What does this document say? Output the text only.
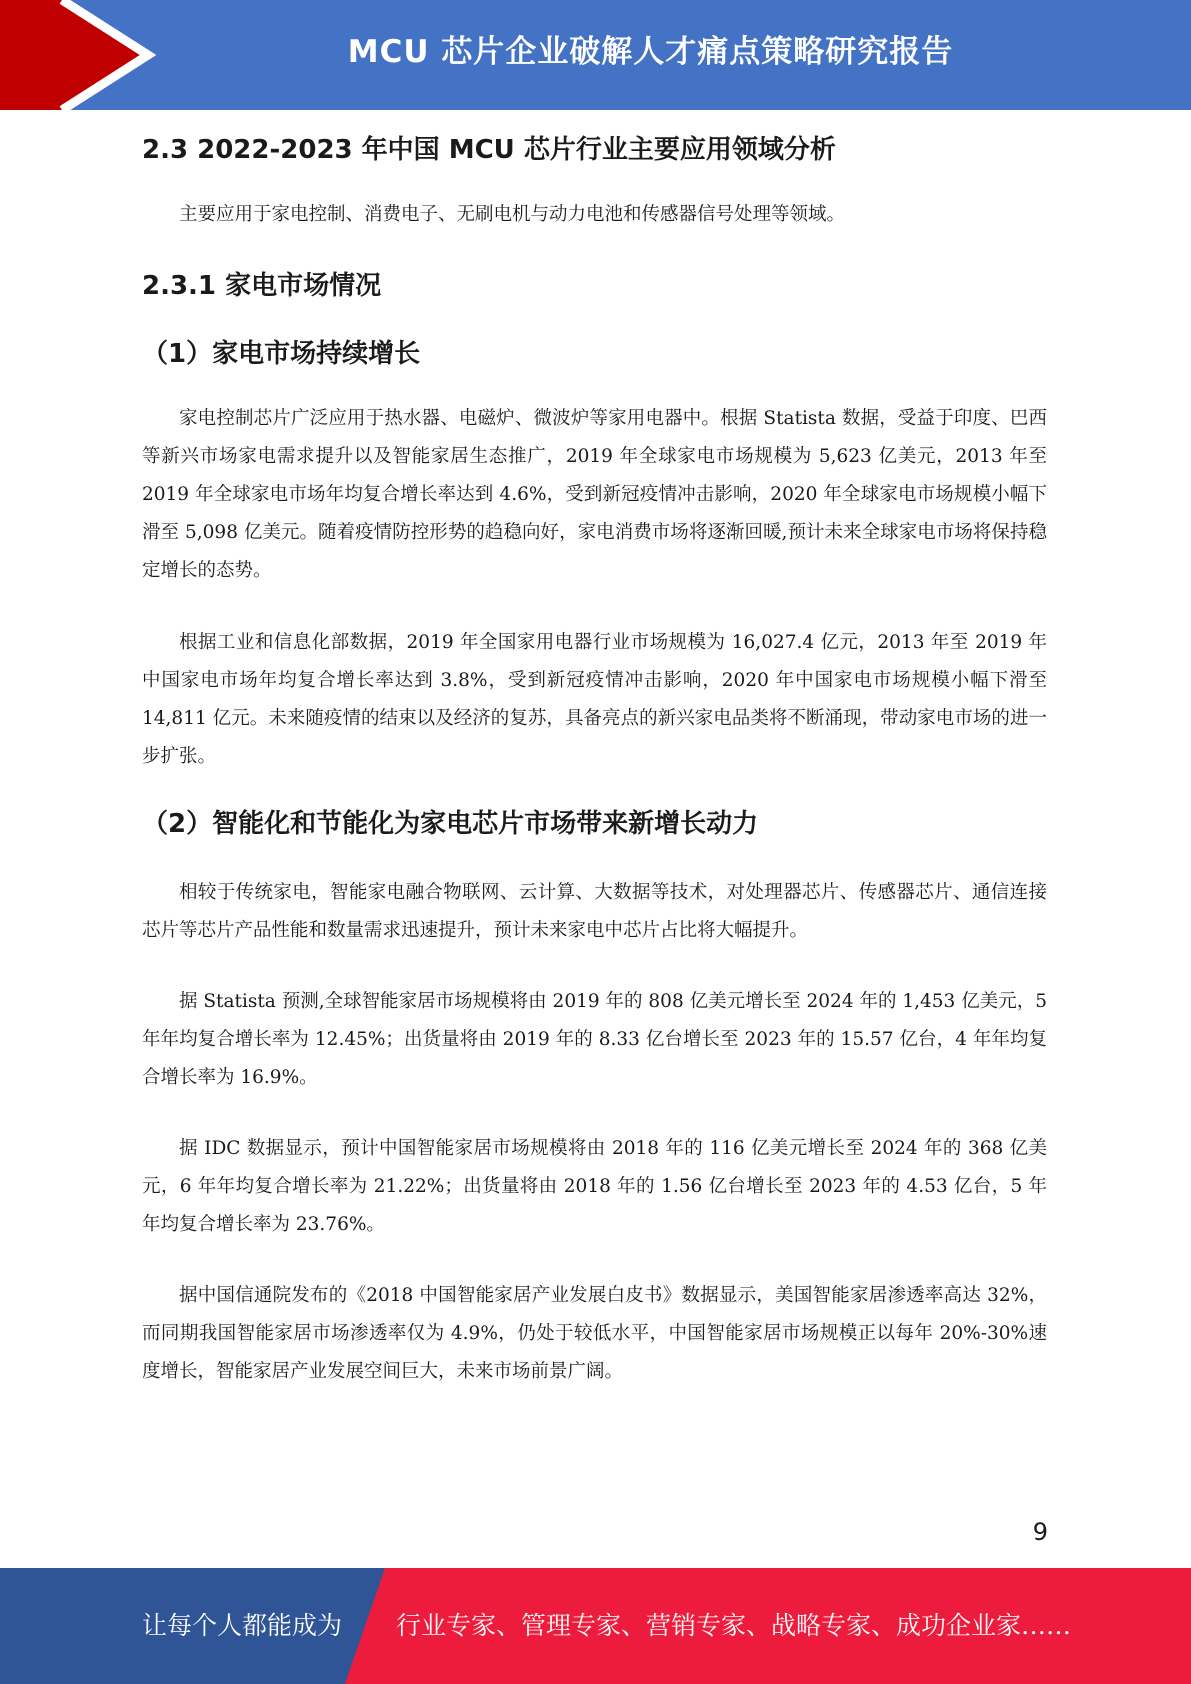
MCU 芯片企业破解人才痛点策略研究报告
2.3 2022-2023 年中国 MCU 芯片行业主要应用领域分析

主要应用于家电控制、消费电子、无刷电机与动力电池和传感器信号处理等领域。

2.3.1 家电市场情况
（1）家电市场持续增长

家电控制芯片广泛应用于热水器、电磁炉、微波炉等家用电器中。根据 Statista 数据，受益于印度、巴西等新兴市场家电需求提升以及智能家居生态推广，2019 年全球家电市场规模为 5,623 亿美元，2013 年至 2019 年全球家电市场年均复合增长率达到 4.6%，受到新冠疫情冲击影响，2020 年全球家电市场规模小幅下滑至 5,098 亿美元。随着疫情防控形势的趋稳向好，家电消费市场将逐渐回暖,预计未来全球家电市场将保持稳定增长的态势。

根据工业和信息化部数据，2019 年全国家用电器行业市场规模为 16,027.4 亿元，2013 年至 2019 年中国家电市场年均复合增长率达到 3.8%，受到新冠疫情冲击影响，2020 年中国家电市场规模小幅下滑至 14,811 亿元。未来随疫情的结束以及经济的复苏，具备亮点的新兴家电品类将不断涌现，带动家电市场的进一步扩张。

（2）智能化和节能化为家电芯片市场带来新增长动力

相较于传统家电，智能家电融合物联网、云计算、大数据等技术，对处理器芯片、传感器芯片、通信连接芯片等芯片产品性能和数量需求迅速提升，预计未来家电中芯片占比将大幅提升。

据 Statista 预测,全球智能家居市场规模将由 2019 年的 808 亿美元增长至 2024 年的 1,453 亿美元，5 年年均复合增长率为 12.45%；出货量将由 2019 年的 8.33 亿台增长至 2023 年的 15.57 亿台，4 年年均复合增长率为 16.9%。

据 IDC 数据显示，预计中国智能家居市场规模将由 2018 年的 116 亿美元增长至 2024 年的 368 亿美元，6 年年均复合增长率为 21.22%；出货量将由 2018 年的 1.56 亿台增长至 2023 年的 4.53 亿台，5 年年均复合增长率为 23.76%。

据中国信通院发布的《2018 中国智能家居产业发展白皮书》数据显示，美国智能家居渗透率高达 32%，而同期我国智能家居市场渗透率仅为 4.9%，仍处于较低水平，中国智能家居市场规模正以每年 20%-30%速度增长，智能家居产业发展空间巨大，未来市场前景广阔。

9
让每个人都能成为 行业专家、管理专家、营销专家、战略专家、成功企业家……
